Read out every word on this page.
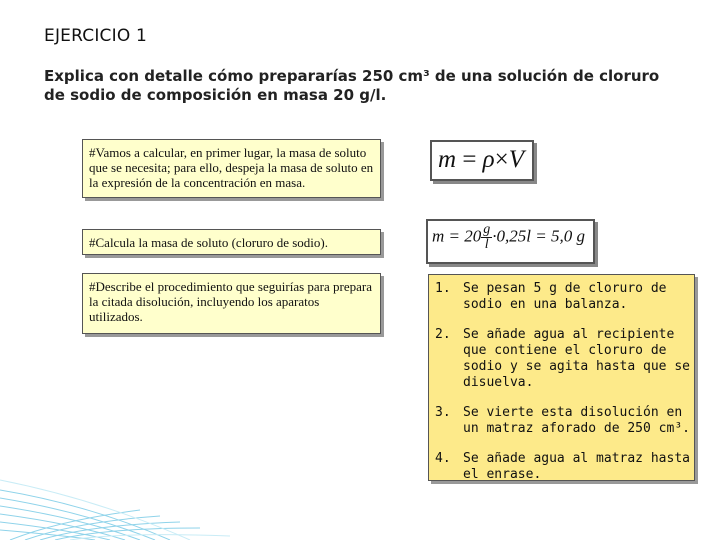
EJERCICIO 1
Explica con detalle cómo prepararías 250 cm³ de una solución de cloruro de sodio de composición en masa 20 g/l.
#Vamos a calcular, en primer lugar, la masa de soluto que se necesita; para ello, despeja la masa de soluto en la expresión de la concentración en masa.
#Calcula la masa de soluto (cloruro de sodio).
#Describe el procedimiento que seguirías para prepara la citada disolución, incluyendo los aparatos utilizados.
m = ρ×V
$m = 20 \frac{g}{l} \cdot 0,25l = 5,0$ g
1. Se pesan 5 g de cloruro de sodio en una balanza.
2. Se añade agua al recipiente que contiene el cloruro de sodio y se agita hasta que se disuelva.
3. Se vierte esta disolución en un matraz aforado de 250 cm³.
4. Se añade agua al matraz hasta el enrase.
